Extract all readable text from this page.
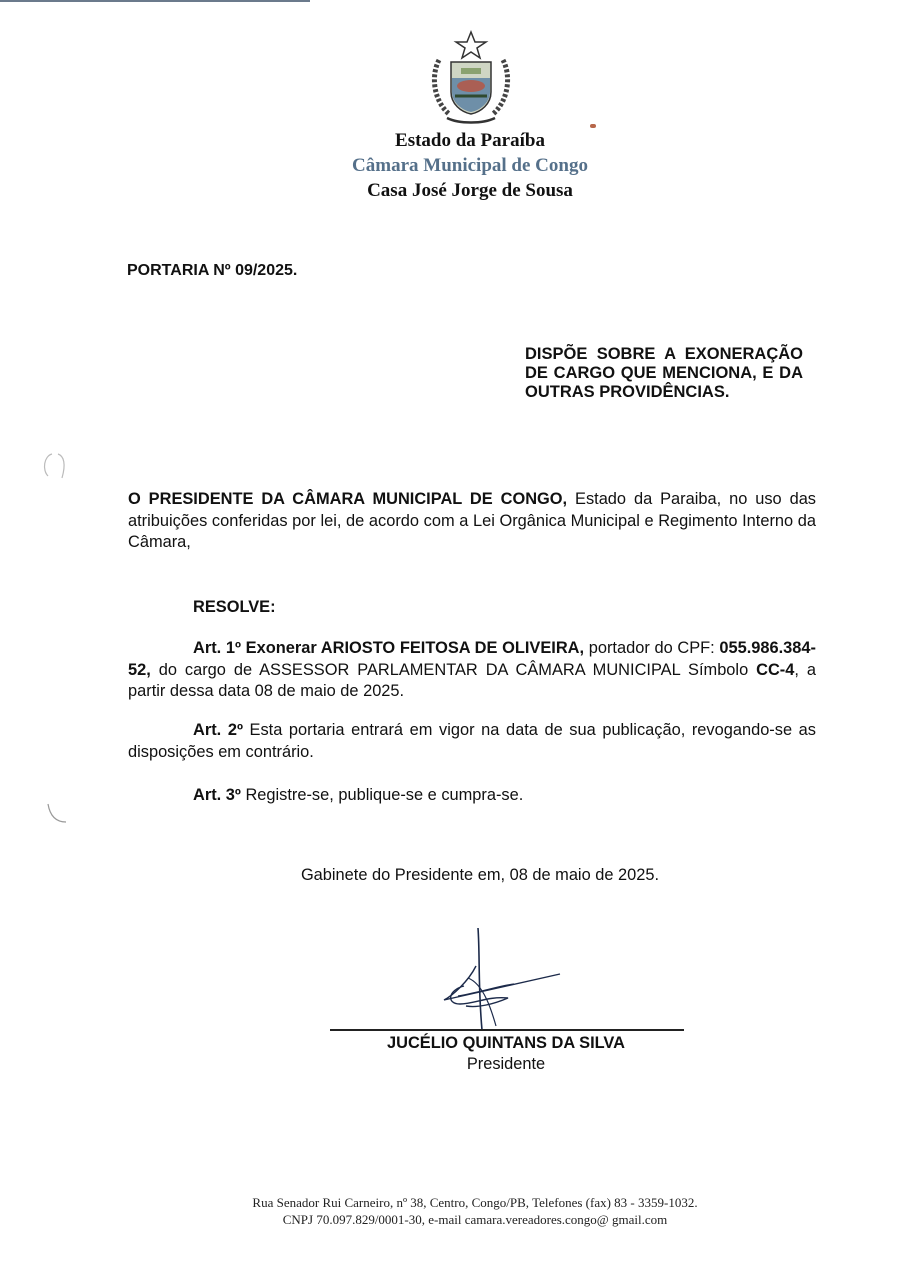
Estado da Paraíba
Câmara Municipal de Congo
Casa José Jorge de Sousa
PORTARIA Nº 09/2025.
DISPÕE SOBRE A EXONERAÇÃO DE CARGO QUE MENCIONA, E DA OUTRAS PROVIDÊNCIAS.
O PRESIDENTE DA CÂMARA MUNICIPAL DE CONGO, Estado da Paraiba, no uso das atribuições conferidas por lei, de acordo com a Lei Orgânica Municipal e Regimento Interno da Câmara,
RESOLVE:
Art. 1º Exonerar ARIOSTO FEITOSA DE OLIVEIRA, portador do CPF: 055.986.384-52, do cargo de ASSESSOR PARLAMENTAR DA CÂMARA MUNICIPAL Símbolo CC-4, a partir dessa data 08 de maio de 2025.
Art. 2º Esta portaria entrará em vigor na data de sua publicação, revogando-se as disposições em contrário.
Art. 3º Registre-se, publique-se e cumpra-se.
Gabinete do Presidente em, 08 de maio de 2025.
JUCÉLIO QUINTANS DA SILVA
Presidente
Rua Senador Rui Carneiro, nº 38, Centro, Congo/PB, Telefones (fax) 83 - 3359-1032.
CNPJ 70.097.829/0001-30, e-mail camara.vereadores.congo@ gmail.com
